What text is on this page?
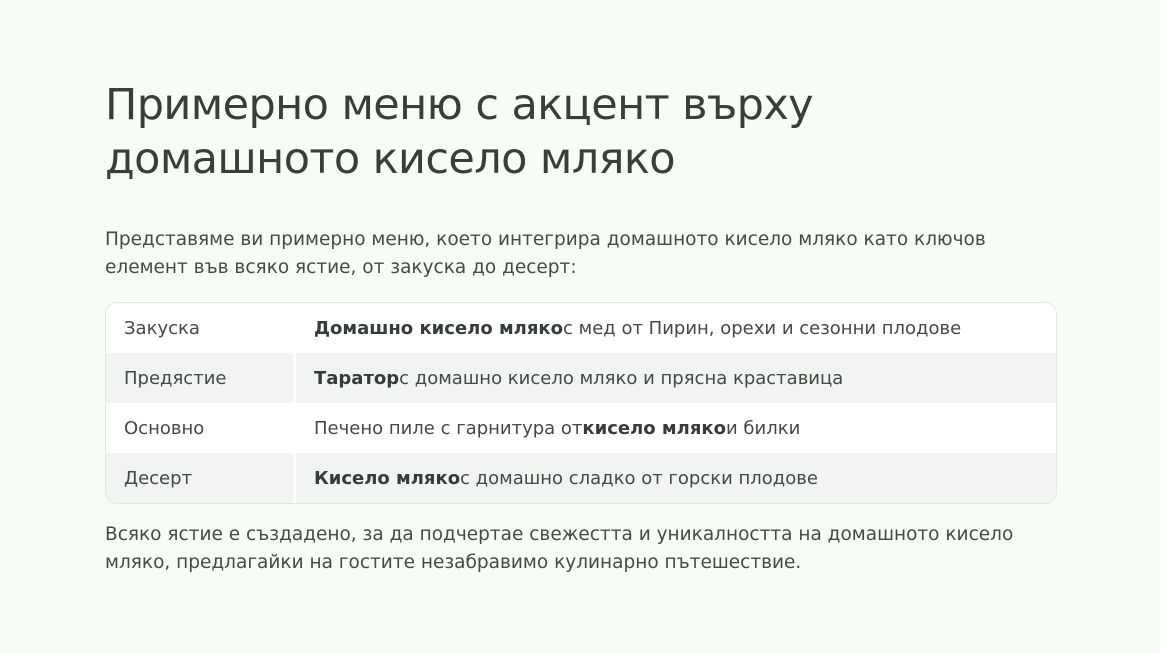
Примерно меню с акцент върху домашното кисело мляко

Представяме ви примерно меню, което интегрира домашното кисело мляко като ключов елемент във всяко ястие, от закуска до десерт:

Закуска	Домашно кисело мляко с мед от Пирин, орехи и сезонни плодове
Предястие	Таратор с домашно кисело мляко и прясна краставица
Основно	Печено пиле с гарнитура от кисело мляко и билки
Десерт	Кисело мляко с домашно сладко от горски плодове

Всяко ястие е създадено, за да подчертае свежестта и уникалността на домашното кисело мляко, предлагайки на гостите незабравимо кулинарно пътешествие.
